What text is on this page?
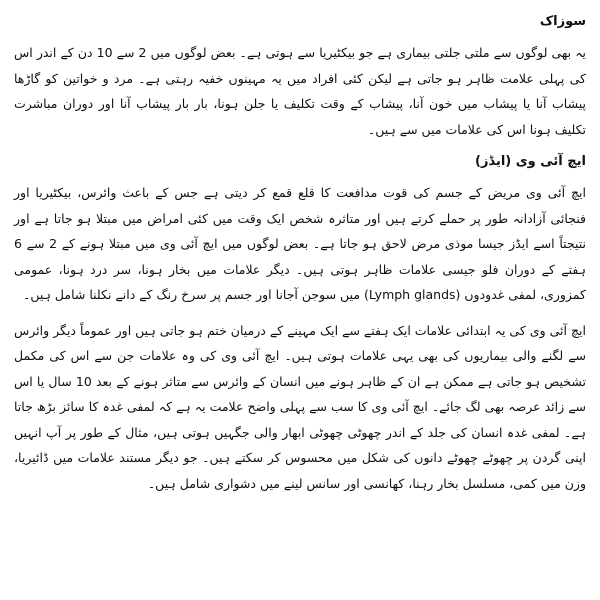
سوزاک

یہ بھی لوگوں سے ملتی جلتی بیماری ہے جو بیکٹیریا سے ہوتی ہے۔ بعض لوگوں میں 2 سے 10 دن کے اندر اس کی پہلی علامت ظاہر ہو جاتی ہے لیکن کئی افراد میں یہ مہینوں خفیہ رہتی ہے۔ مرد و خواتین کو گاڑھا پیشاب آنا یا پیشاب میں خون آنا، پیشاب کے وقت تکلیف یا جلن ہونا، بار بار پیشاب آنا اور دوران مباشرت تکلیف ہونا اس کی علامات میں سے ہیں۔

ایچ آئی وی (ایڈز)

ایچ آئی وی مریض کے جسم کی قوت مدافعت کا قلع قمع کر دیتی ہے جس کے باعث وائرس، بیکٹیریا اور فنجائی آزادانہ طور پر حملے کرتے ہیں اور متاثرہ شخص ایک وقت میں کئی امراض میں مبتلا ہو جاتا ہے اور نتیجتاً اسے ایڈز جیسا موذی مرض لاحق ہو جاتا ہے۔ بعض لوگوں میں ایچ آئی وی میں مبتلا ہونے کے 2 سے 6 ہفتے کے دوران فلو جیسی علامات ظاہر ہوتی ہیں۔ دیگر علامات میں بخار ہونا، سر درد ہونا، عمومی کمزوری، لمفی غدودوں (Lymph glands) میں سوجن آجانا اور جسم پر سرخ رنگ کے دانے نکلنا شامل ہیں۔

ایچ آئی وی کی یہ ابتدائی علامات ایک ہفتے سے ایک مہینے کے درمیان ختم ہو جاتی ہیں اور عموماً دیگر وائرس سے لگنے والی بیماریوں کی بھی یہی علامات ہوتی ہیں۔ ایچ آئی وی کی وہ علامات جن سے اس کی مکمل تشخیص ہو جاتی ہے ممکن ہے ان کے ظاہر ہونے میں انسان کے وائرس سے متاثر ہونے کے بعد 10 سال یا اس سے زائد عرصہ بھی لگ جائے۔ ایچ آئی وی کا سب سے پہلی واضح علامت یہ ہے کہ لمفی غدہ کا سائز بڑھ جاتا ہے۔ لمفی غدہ انسان کی جلد کے اندر چھوٹی چھوٹی ابھار والی جگہیں ہوتی ہیں، مثال کے طور پر آپ انہیں اپنی گردن پر چھوٹے چھوٹے دانوں کی شکل میں محسوس کر سکتے ہیں۔ جو دیگر مستند علامات میں ڈائیریا، وزن میں کمی، مسلسل بخار رہنا، کھانسی اور سانس لینے میں دشواری شامل ہیں۔
